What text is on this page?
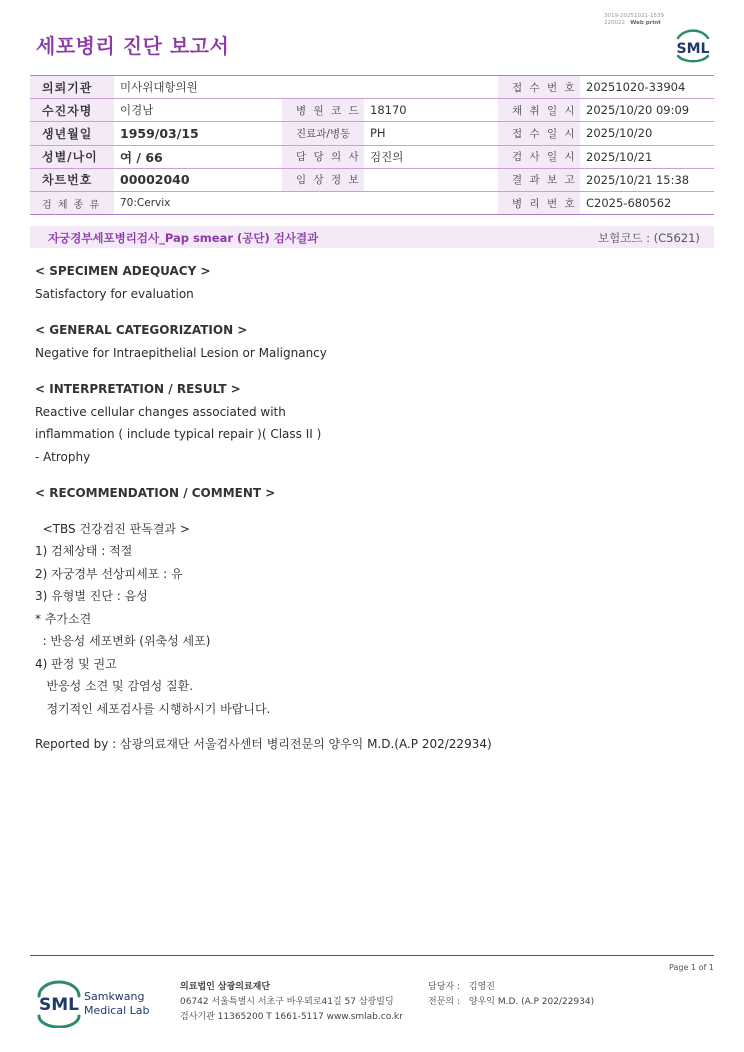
세포병리 진단 보고서
3019-20251021-1539
220022 Web print
SML
의뢰기관	미사위대항의원			접 수 번 호	20251020-33904
수진자명	이경남	병 원 코 드	18170	채 취 일 시	2025/10/20 09:09
생년월일	1959/03/15	진료과/병동	PH	접 수 일 시	2025/10/20
성별/나이	여 / 66	담 당 의 사	검진의	검 사 일 시	2025/10/21
차트번호	00002040	임 상 정 보		결 과 보 고	2025/10/21 15:38
검 체 종 류	70:Cervix			병 리 번 호	C2025-680562
자궁경부세포병리검사_Pap smear (공단) 검사결과	보험코드 : (C5621)
< SPECIMEN ADEQUACY >
Satisfactory for evaluation
< GENERAL CATEGORIZATION >
Negative for Intraepithelial Lesion or Malignancy
< INTERPRETATION / RESULT >
Reactive cellular changes associated with
inflammation ( include typical repair )( Class II )
- Atrophy
< RECOMMENDATION / COMMENT >
<TBS 건강검진 판독결과 >
1) 검체상태 : 적절
2) 자궁경부 선상피세포 : 유
3) 유형별 진단 : 음성
* 추가소견
: 반응성 세포변화 (위축성 세포)
4) 판정 및 권고
반응성 소견 및 감염성 질환.
정기적인 세포검사를 시행하시기 바랍니다.
Reported by : 삼광의료재단 서울검사센터 병리전문의 양우익 M.D.(A.P 202/22934)
Page 1 of 1
SML Samkwang
Medical Lab
의료법인 삼광의료재단
06742 서울특별시 서초구 바우뫼로41길 57 삼광빌딩
검사기관 11365200 T 1661-5117 www.smlab.co.kr
담당자 : 김영진
전문의 : 양우익 M.D. (A.P 202/22934)
